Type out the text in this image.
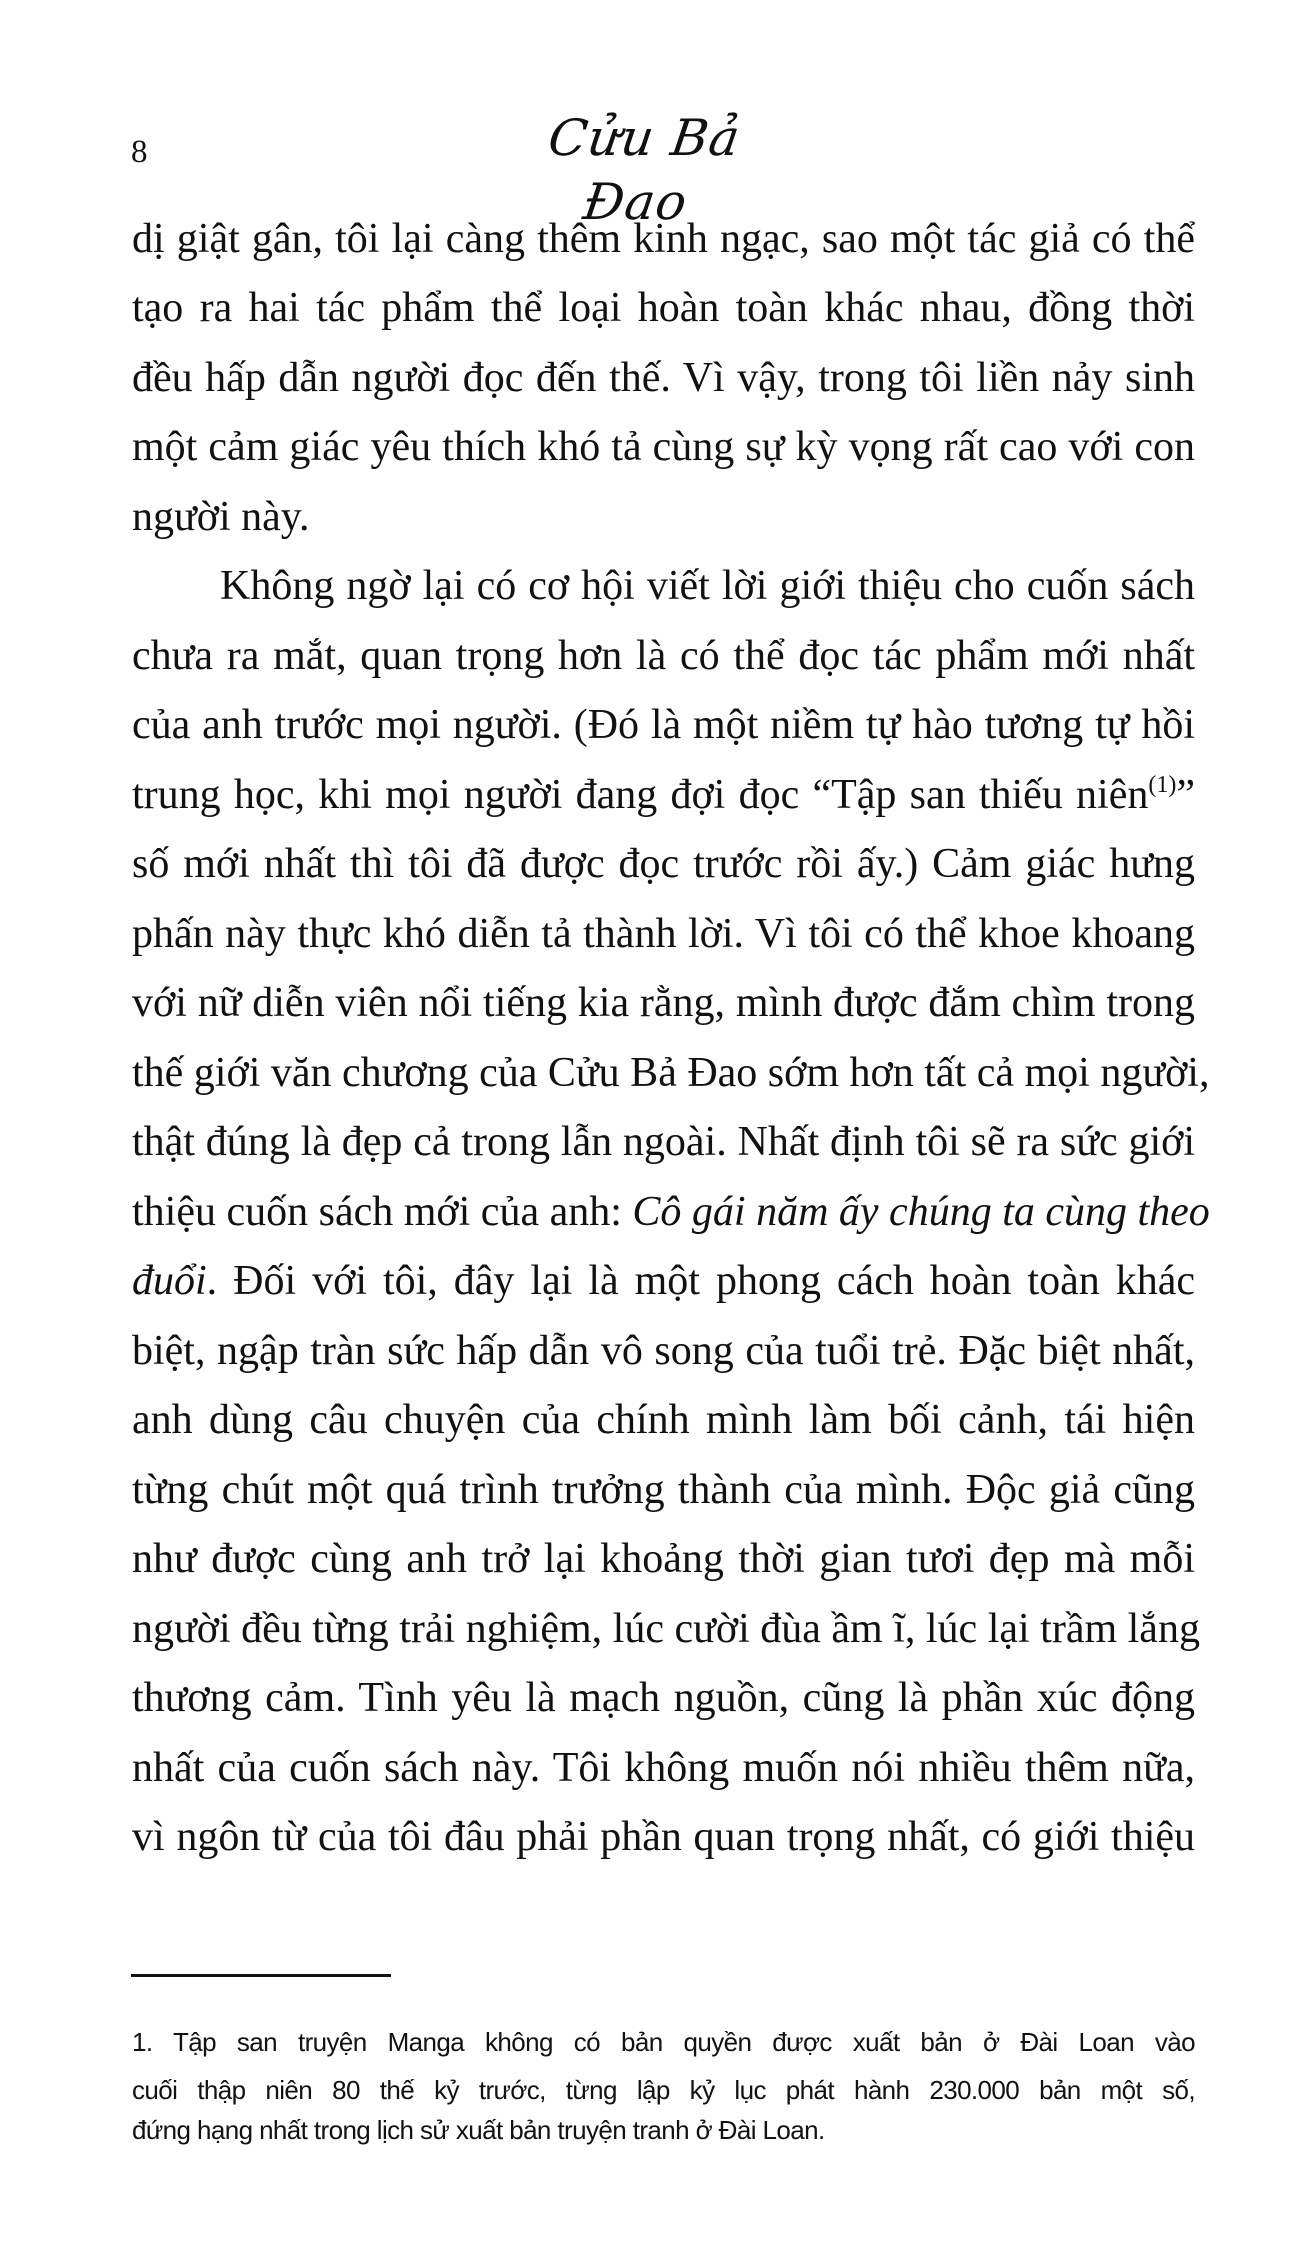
8	Cửu Bả Đao
dị giật gân, tôi lại càng thêm kinh ngạc, sao một tác giả có thể
tạo ra hai tác phẩm thể loại hoàn toàn khác nhau, đồng thời
đều hấp dẫn người đọc đến thế. Vì vậy, trong tôi liền nảy sinh
một cảm giác yêu thích khó tả cùng sự kỳ vọng rất cao với con
người này.
Không ngờ lại có cơ hội viết lời giới thiệu cho cuốn sách
chưa ra mắt, quan trọng hơn là có thể đọc tác phẩm mới nhất
của anh trước mọi người. (Đó là một niềm tự hào tương tự hồi
trung học, khi mọi người đang đợi đọc “Tập san thiếu niên$^{(1)}$”
số mới nhất thì tôi đã được đọc trước rồi ấy.) Cảm giác hưng
phấn này thực khó diễn tả thành lời. Vì tôi có thể khoe khoang
với nữ diễn viên nổi tiếng kia rằng, mình được đắm chìm trong
thế giới văn chương của Cửu Bả Đao sớm hơn tất cả mọi người,
thật đúng là đẹp cả trong lẫn ngoài. Nhất định tôi sẽ ra sức giới
thiệu cuốn sách mới của anh: Cô gái năm ấy chúng ta cùng theo
đuổi. Đối với tôi, đây lại là một phong cách hoàn toàn khác
biệt, ngập tràn sức hấp dẫn vô song của tuổi trẻ. Đặc biệt nhất,
anh dùng câu chuyện của chính mình làm bối cảnh, tái hiện
từng chút một quá trình trưởng thành của mình. Độc giả cũng
như được cùng anh trở lại khoảng thời gian tươi đẹp mà mỗi
người đều từng trải nghiệm, lúc cười đùa ầm ĩ, lúc lại trầm lắng
thương cảm. Tình yêu là mạch nguồn, cũng là phần xúc động
nhất của cuốn sách này. Tôi không muốn nói nhiều thêm nữa,
vì ngôn từ của tôi đâu phải phần quan trọng nhất, có giới thiệu
1. Tập san truyện Manga không có bản quyền được xuất bản ở Đài Loan vào
cuối thập niên 80 thế kỷ trước, từng lập kỷ lục phát hành 230.000 bản một số,
đứng hạng nhất trong lịch sử xuất bản truyện tranh ở Đài Loan.
